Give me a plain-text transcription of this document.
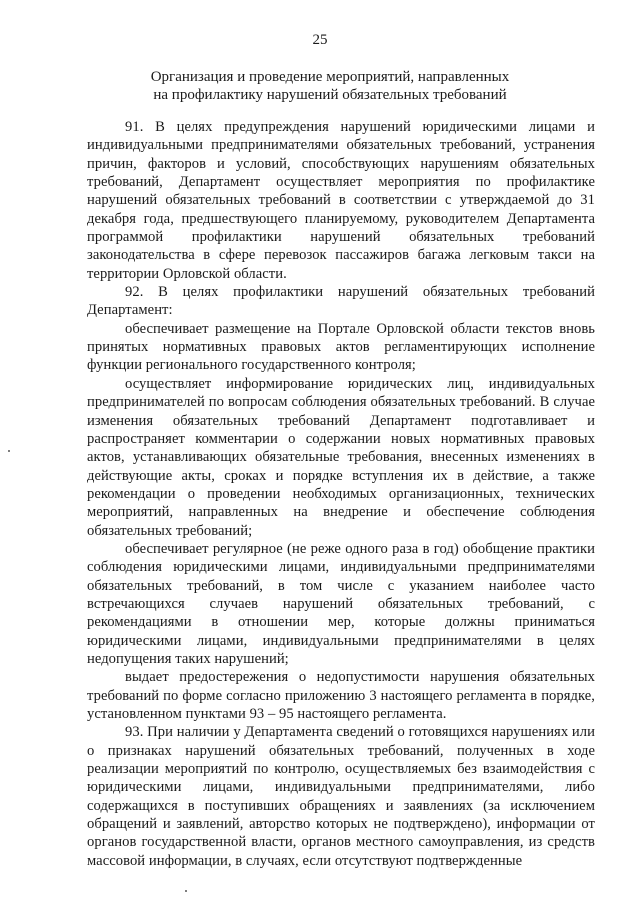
25
Организация и проведение мероприятий, направленных
на профилактику нарушений обязательных требований

91. В целях предупреждения нарушений юридическими лицами и индивидуальными предпринимателями обязательных требований, устранения причин, факторов и условий, способствующих нарушениям обязательных требований, Департамент осуществляет мероприятия по профилактике нарушений обязательных требований в соответствии с утверждаемой до 31 декабря года, предшествующего планируемому, руководителем Департамента программой профилактики нарушений обязательных требований законодательства в сфере перевозок пассажиров багажа легковым такси на территории Орловской области.

92. В целях профилактики нарушений обязательных требований Департамент:

обеспечивает размещение на Портале Орловской области текстов вновь принятых нормативных правовых актов регламентирующих исполнение функции регионального государственного контроля;

осуществляет информирование юридических лиц, индивидуальных предпринимателей по вопросам соблюдения обязательных требований. В случае изменения обязательных требований Департамент подготавливает и распространяет комментарии о содержании новых нормативных правовых актов, устанавливающих обязательные требования, внесенных изменениях в действующие акты, сроках и порядке вступления их в действие, а также рекомендации о проведении необходимых организационных, технических мероприятий, направленных на внедрение и обеспечение соблюдения обязательных требований;

обеспечивает регулярное (не реже одного раза в год) обобщение практики соблюдения юридическими лицами, индивидуальными предпринимателями обязательных требований, в том числе с указанием наиболее часто встречающихся случаев нарушений обязательных требований, с рекомендациями в отношении мер, которые должны приниматься юридическими лицами, индивидуальными предпринимателями в целях недопущения таких нарушений;

выдает предостережения о недопустимости нарушения обязательных требований по форме согласно приложению 3 настоящего регламента в порядке, установленном пунктами 93 – 95 настоящего регламента.

93. При наличии у Департамента сведений о готовящихся нарушениях или о признаках нарушений обязательных требований, полученных в ходе реализации мероприятий по контролю, осуществляемых без взаимодействия с юридическими лицами, индивидуальными предпринимателями, либо содержащихся в поступивших обращениях и заявлениях (за исключением обращений и заявлений, авторство которых не подтверждено), информации от органов государственной власти, органов местного самоуправления, из средств массовой информации, в случаях, если отсутствуют подтвержденные
